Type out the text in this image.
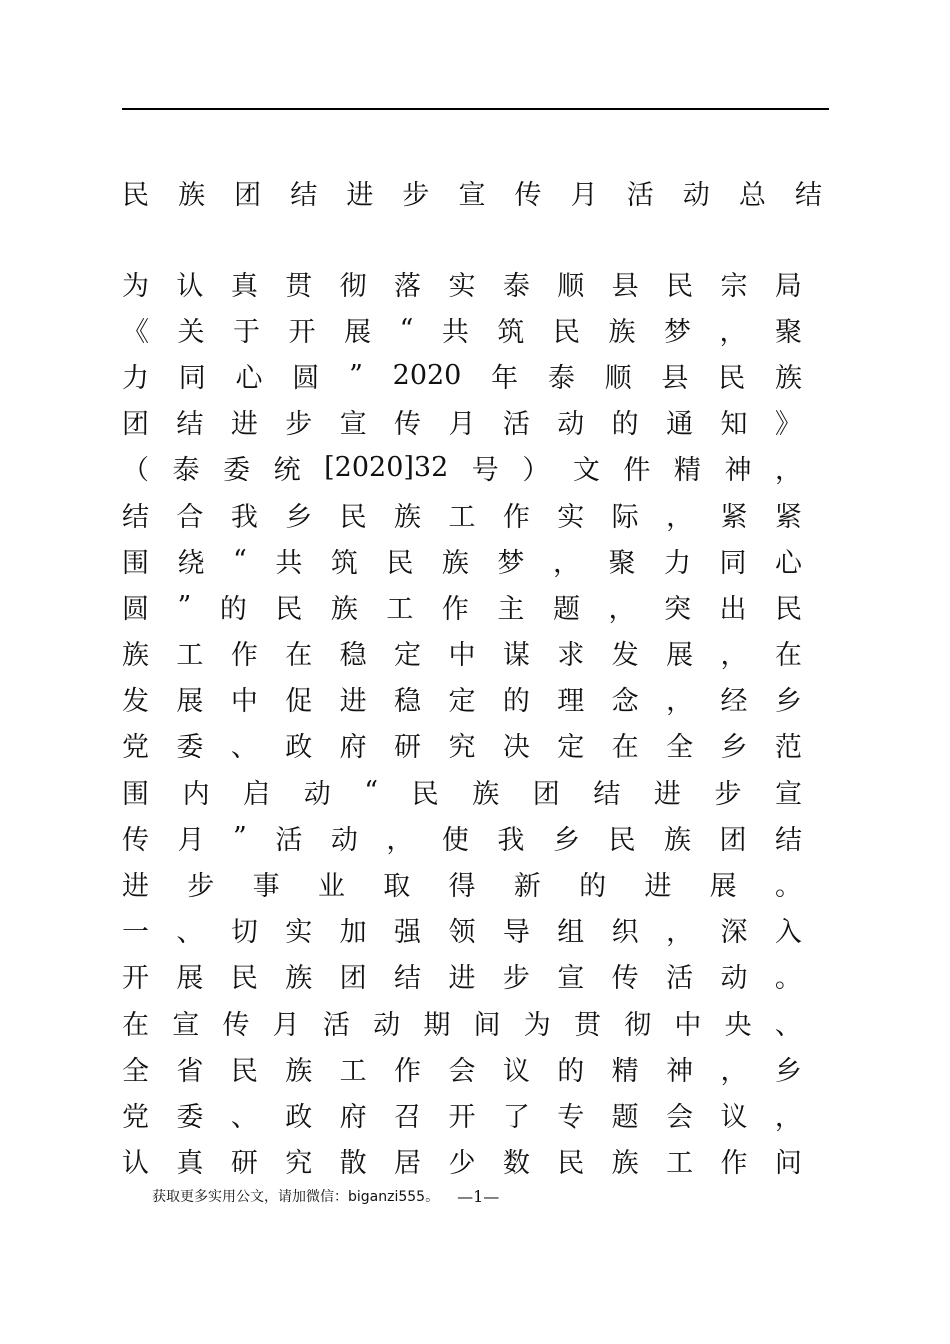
民 族 团 结 进 步 宣 传 月 活 动 总 结
为 认 真 贯 彻 落 实 泰 顺 县 民 宗 局
《 关 于 开 展 “ 共 筑 民 族 梦 ， 聚
力 同 心 圆 ” 2020 年 泰 顺 县 民 族
团 结 进 步 宣 传 月 活 动 的 通 知 》
（ 泰 委 统 [2020]32 号 ） 文 件 精 神 ，
结 合 我 乡 民 族 工 作 实 际 ， 紧 紧
围 绕 “ 共 筑 民 族 梦 ， 聚 力 同 心
圆 ” 的 民 族 工 作 主 题 ， 突 出 民
族 工 作 在 稳 定 中 谋 求 发 展 ， 在
发 展 中 促 进 稳 定 的 理 念 ， 经 乡
党 委 、 政 府 研 究 决 定 在 全 乡 范
围 内 启 动 “ 民 族 团 结 进 步 宣
传 月 ” 活 动 ， 使 我 乡 民 族 团 结
进 步 事 业 取 得 新 的 进 展 。
一 、 切 实 加 强 领 导 组 织 ， 深 入
开 展 民 族 团 结 进 步 宣 传 活 动 。
在 宣 传 月 活 动 期 间 为 贯 彻 中 央 、
全 省 民 族 工 作 会 议 的 精 神 ， 乡
党 委 、 政 府 召 开 了 专 题 会 议 ，
认 真 研 究 散 居 少 数 民 族 工 作 问
获取更多实用公文，请加微信：biganzi555。 —1—
